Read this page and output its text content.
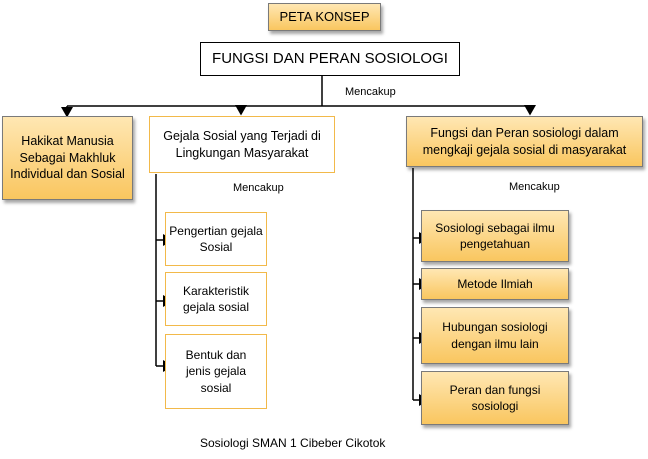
PETA KONSEP
FUNGSI DAN PERAN SOSIOLOGI
Mencakup
Hakikat Manusia Sebagai Makhluk Individual dan Sosial
Gejala Sosial yang Terjadi di Lingkungan Masyarakat
Mencakup
Fungsi dan Peran sosiologi dalam mengkaji gejala sosial di masyarakat
Mencakup
Pengertian gejala Sosial
Karakteristik gejala sosial
Bentuk dan jenis gejala sosial
Sosiologi sebagai ilmu pengetahuan
Metode Ilmiah
Hubungan sosiologi dengan ilmu lain
Peran dan fungsi sosiologi
Sosiologi SMAN 1 Cibeber Cikotok
